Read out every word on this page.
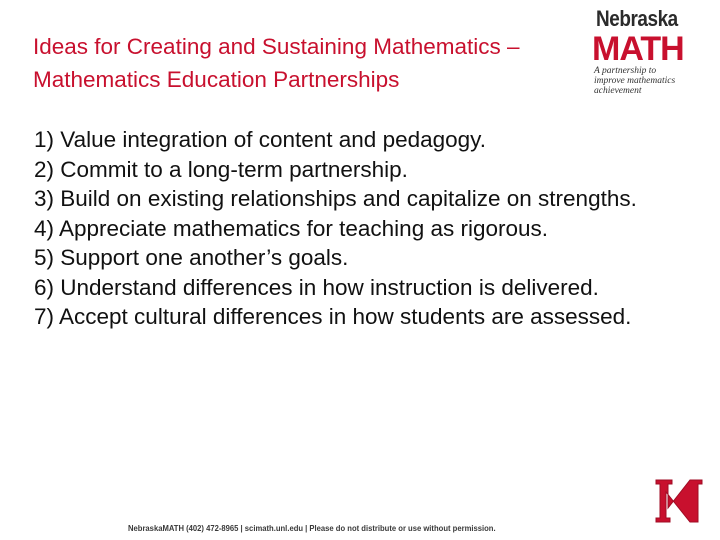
Ideas for Creating and Sustaining Mathematics –
Mathematics Education Partnerships
Nebraska
MATH
A partnership to improve mathematics achievement
1) Value integration of content and pedagogy.
2) Commit to a long-term partnership.
3) Build on existing relationships and capitalize on strengths.
4) Appreciate mathematics for teaching as rigorous.
5) Support one another’s goals.
6) Understand differences in how instruction is delivered.
7) Accept cultural differences in how students are assessed.
NebraskaMATH (402) 472-8965 | scimath.unl.edu | Please do not distribute or use without permission.
